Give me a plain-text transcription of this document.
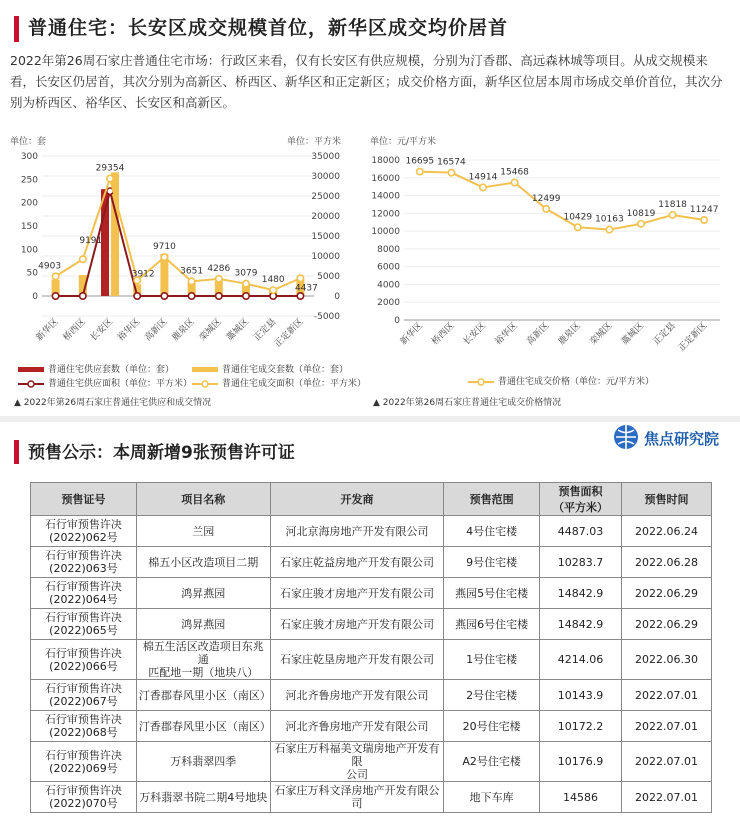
普通住宅：长安区成交规模首位，新华区成交均价居首
2022年第26周石家庄普通住宅市场：行政区来看，仅有长安区有供应规模，分别为汀香郡、高远森林城等项目。从成交规模来看，长安区仍居首，其次分别为高新区、桥西区、新华区和正定新区；成交价格方面，新华区位居本周市场成交单价首位，其次分别为桥西区、裕华区、长安区和高新区。
单位：套	单位：平方米
-5000
0
5000
10000
15000
20000
25000
30000
35000
0
50
100
150
200
250
300
4903
9191
29354
3912
9710
3651 4286 3079
1480
4437
新华区 桥西区 长安区 裕华区 高新区 鹿泉区 栾城区 藁城区 正定县
正定新区
普通住宅供应套数（单位：套）	普通住宅成交套数（单位：套）
普通住宅供应面积（单位：平方米）	普通住宅成交面积（单位：平方米）
▲ 2022年第26周石家庄普通住宅供应和成交情况
单位：元/平方米
0
2000
4000
6000
8000
10000
12000
14000
16000
18000 16695 16574
14914 15468
12499
10429 10163
10819
11818
11247
新华区 桥西区 长安区 裕华区 高新区 鹿泉区 栾城区 藁城区 正定县 正定新区
普通住宅成交价格（单位：元/平方米）
▲ 2022年第26周石家庄普通住宅成交价格情况
预售公示：本周新增9张预售许可证
焦点研究院
预售证号	项目名称	开发商	预售范围	预售面积
（平方米）	预售时间
石行审预售许决
(2022)062号	兰园	河北京海房地产开发有限公司	4号住宅楼	4487.03	2022.06.24
石行审预售许决
(2022)063号	棉五小区改造项目二期	石家庄乾益房地产开发有限公司	9号住宅楼	10283.7	2022.06.28
石行审预售许决
(2022)064号	鸿昇燕园	石家庄骏才房地产开发有限公司	燕园5号住宅楼	14842.9	2022.06.29
石行审预售许决
(2022)065号	鸿昇燕园	石家庄骏才房地产开发有限公司	燕园6号住宅楼	14842.9	2022.06.29
石行审预售许决
(2022)066号	棉五生活区改造项目东兆通
匹配地一期（地块八）	石家庄乾垦房地产开发有限公司	1号住宅楼	4214.06	2022.06.30
石行审预售许决
(2022)067号	汀香郡春风里小区（南区）	河北齐鲁房地产开发有限公司	2号住宅楼	10143.9	2022.07.01
石行审预售许决
(2022)068号	汀香郡春风里小区（南区）	河北齐鲁房地产开发有限公司	20号住宅楼	10172.2	2022.07.01
石行审预售许决
(2022)069号	万科翡翠四季	石家庄万科福美文瑞房地产开发有限
公司	A2号住宅楼	10176.9	2022.07.01
石行审预售许决
(2022)070号	万科翡翠书院二期4号地块	石家庄万科文泽房地产开发有限公司	地下车库	14586	2022.07.01
